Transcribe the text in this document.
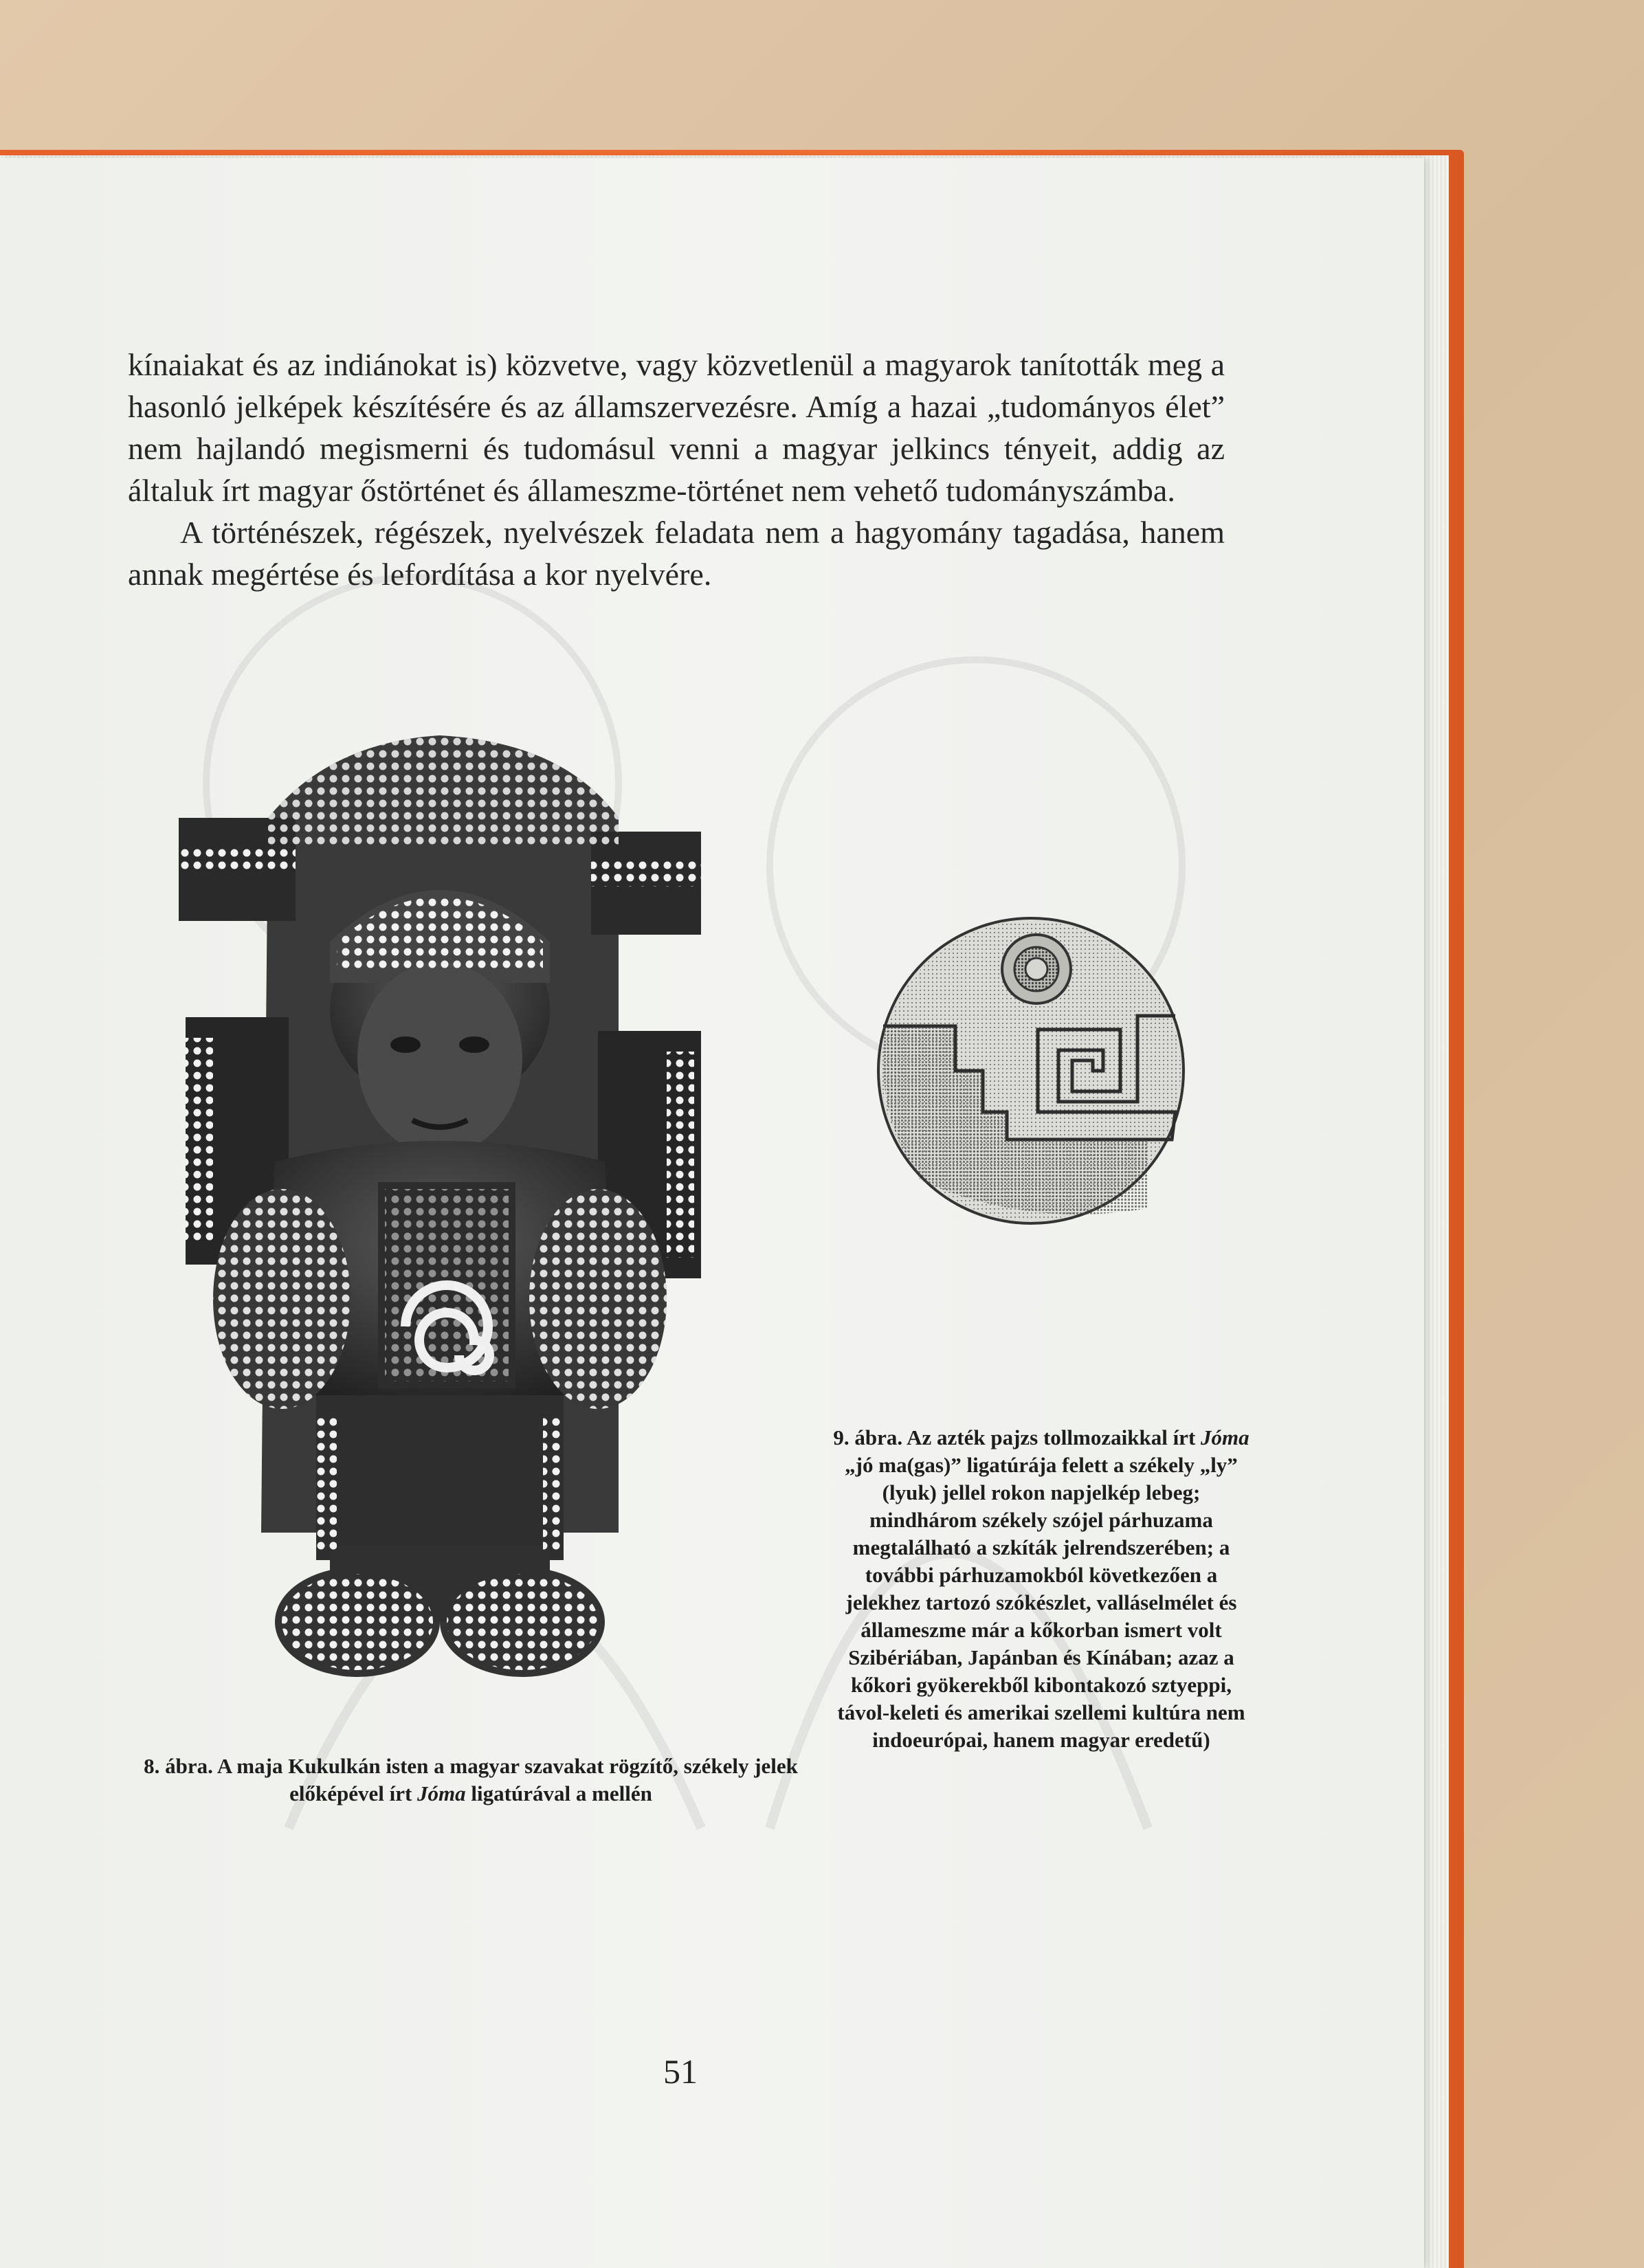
kínaiakat és az indiánokat is) közvetve, vagy közvetlenül a magyarok tanították meg a hasonló jelképek készítésére és az államszervezésre. Amíg a hazai „tudományos élet” nem hajlandó megismerni és tudomásul venni a magyar jelkincs tényeit, addig az általuk írt magyar őstörténet és állameszme-történet nem vehető tudományszámba.

A történészek, régészek, nyelvészek feladata nem a hagyomány tagadása, hanem annak megértése és lefordítása a kor nyelvére.

9. ábra. Az azték pajzs tollmozaikkal írt Jóma „jó ma(gas)” ligatúrája felett a székely „ly” (lyuk) jellel rokon napjelkép lebeg; mindhárom székely szójel párhuzama megtalálható a szkíták jelrendszerében; a további párhuzamokból következően a jelekhez tartozó szókészlet, valláselmélet és állameszme már a kőkorban ismert volt Szibériában, Japánban és Kínában; azaz a kőkori gyökerekből kibontakozó sztyeppi, távol-keleti és amerikai szellemi kultúra nem indoeurópai, hanem magyar eredetű)
8. ábra. A maja Kukulkán isten a magyar szavakat rögzítő, székely jelek előképével írt Jóma ligatúrával a mellén
51
